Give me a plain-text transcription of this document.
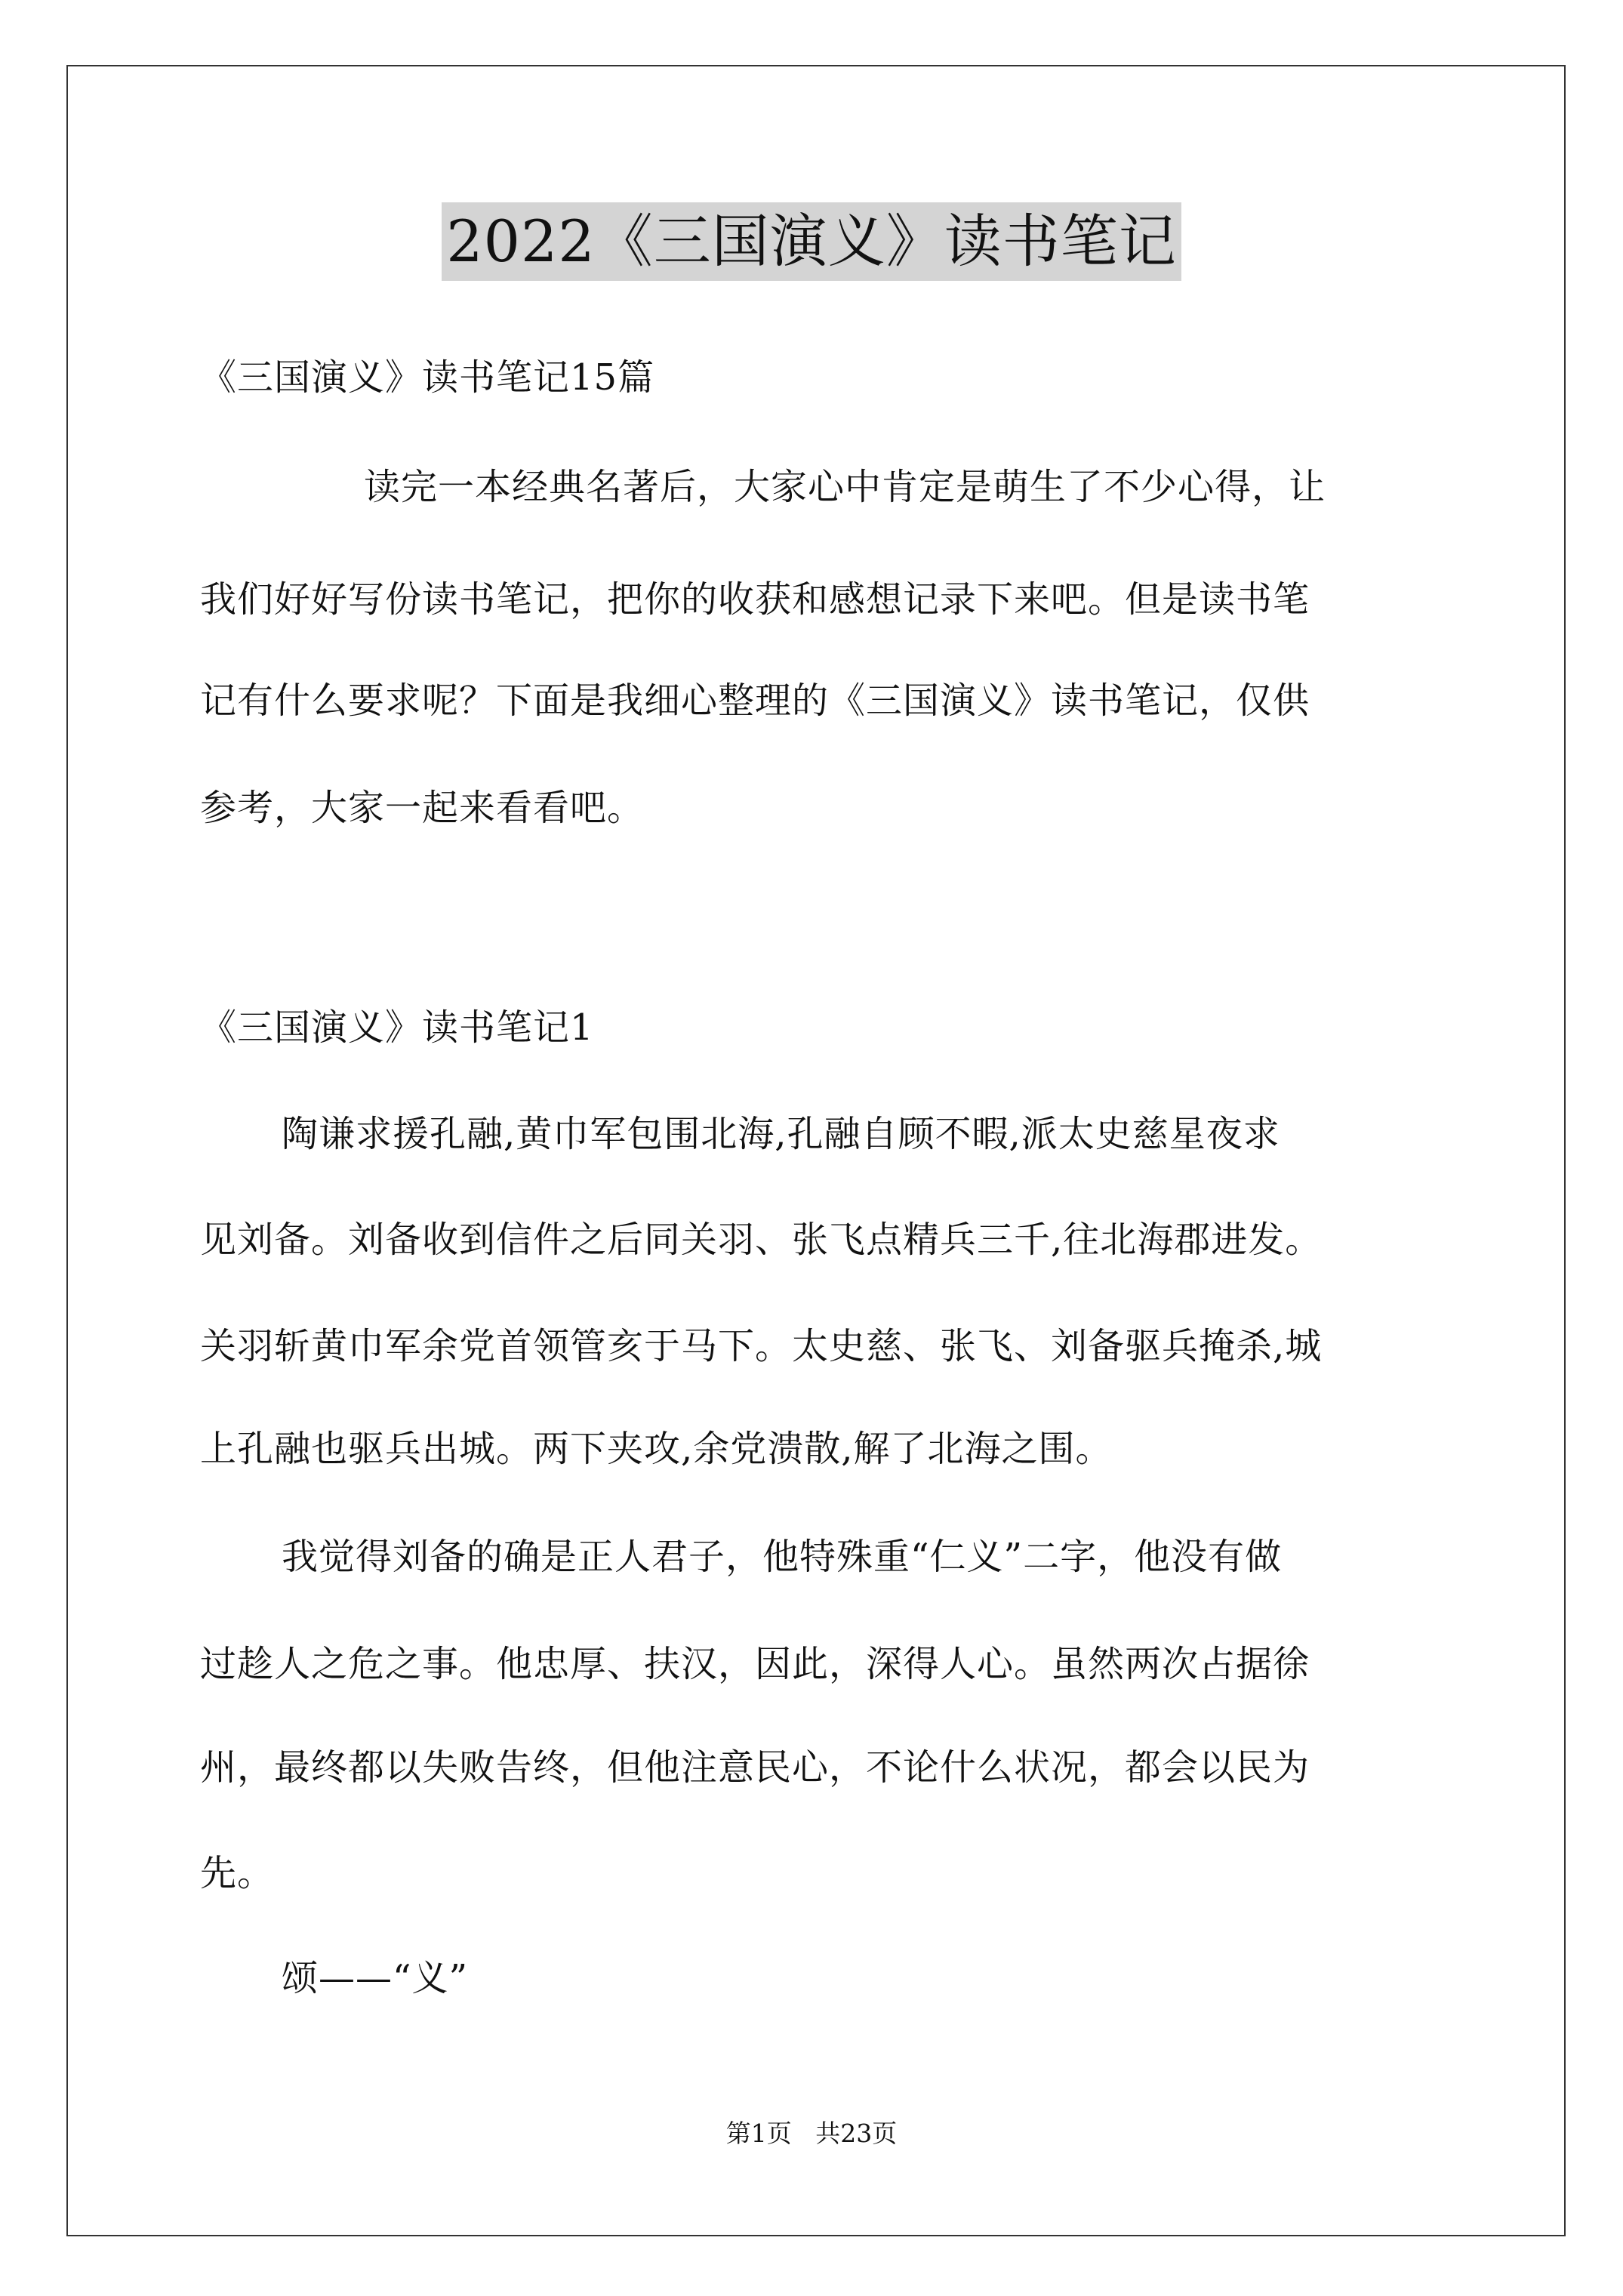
2022《三国演义》读书笔记
《三国演义》读书笔记15篇
读完一本经典名著后，大家心中肯定是萌生了不少心得，让
我们好好写份读书笔记，把你的收获和感想记录下来吧。但是读书笔
记有什么要求呢？下面是我细心整理的《三国演义》读书笔记，仅供
参考，大家一起来看看吧。
《三国演义》读书笔记1
陶谦求援孔融,黄巾军包围北海,孔融自顾不暇,派太史慈星夜求
见刘备。刘备收到信件之后同关羽、张飞点精兵三千,往北海郡进发。
关羽斩黄巾军余党首领管亥于马下。太史慈、张飞、刘备驱兵掩杀,城
上孔融也驱兵出城。两下夹攻,余党溃散,解了北海之围。
我觉得刘备的确是正人君子，他特殊重“仁义”二字，他没有做
过趁人之危之事。他忠厚、扶汉，因此，深得人心。虽然两次占据徐
州，最终都以失败告终，但他注意民心，不论什么状况，都会以民为
先。
颂——“义”
第1页   共23页
